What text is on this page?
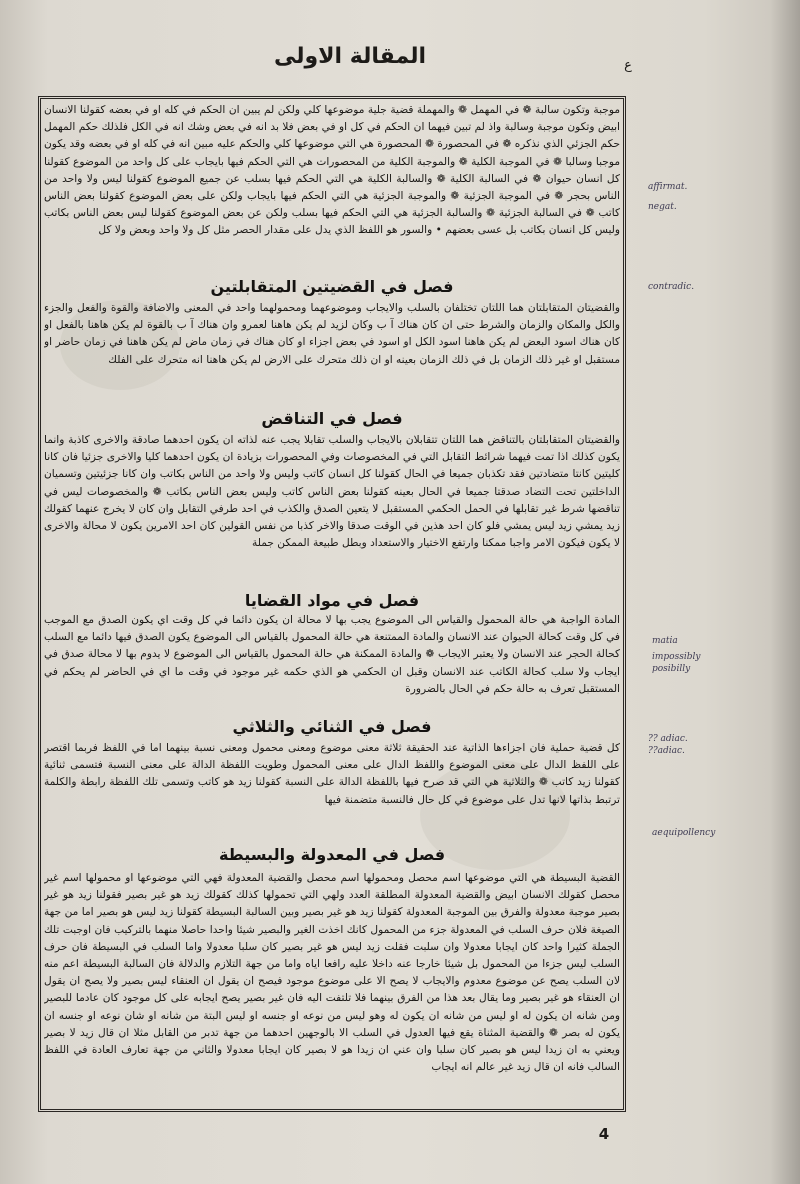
المقالة الاولى	ع
موجبة وتكون سالبة ❁ في المهمل ❁ والمهملة قضية جلية موضوعها كلي ولكن لم يبين ان الحكم في كله او في بعضه كقولنا الانسان ابيض وتكون موجبة وسالبة واذ لم تبين فيهما ان الحكم في كل او في بعض فلا بد انه في بعض وشك انه في الكل فلذلك حكم المهمل حكم الجزئي الذي نذكره ❁ في المحصورة ❁ المحصورة هي التي موضوعها كلي والحكم عليه مبين انه في كله او في بعضه وقد يكون موجبا وسالبا ❁ في الموجبة الكلية ❁ والموجبة الكلية من المحصورات هي التي الحكم فيها بايجاب على كل واحد من الموضوع كقولنا كل انسان حيوان ❁ في السالبة الكلية ❁ والسالبة الكلية هي التي الحكم فيها بسلب عن جميع الموضوع كقولنا ليس ولا واحد من الناس بحجر ❁ في الموجبة الجزئية ❁ والموجبة الجزئية هي التي الحكم فيها بايجاب ولكن على بعض الموضوع كقولنا بعض الناس كاتب ❁ في السالبة الجزئية ❁ والسالبة الجزئية هي التي الحكم فيها بسلب ولكن عن بعض الموضوع كقولنا ليس بعض الناس بكاتب وليس كل انسان بكاتب بل عسى بعضهم • والسور هو اللفظ الذي يدل على مقدار الحصر مثل كل ولا واحد وبعض ولا كل
فصل في القضيتين المتقابلتين
والقضيتان المتقابلتان هما اللتان تختلفان بالسلب والايجاب وموضوعهما ومحمولهما واحد في المعنى والاضافة والقوة والفعل والجزء والكل والمكان والزمان والشرط حتى ان كان هناك آ ب وكان لزيد لم يكن هاهنا لعمرو وان هناك آ ب بالقوة لم يكن هاهنا بالفعل او كان هناك اسود البعض لم يكن هاهنا اسود الكل او اسود في بعض اجزاء او كان هناك في زمان ماض لم يكن هاهنا في زمان حاضر او مستقبل او غير ذلك الزمان بل في ذلك الزمان بعينه او ان ذلك متحرك على الارض لم يكن هاهنا انه متحرك على الفلك
فصل في التناقض
والقضيتان المتقابلتان بالتناقض هما اللتان تتقابلان بالايجاب والسلب تقابلا يجب عنه لذاته ان يكون احدهما صادقة والاخرى كاذبة وانما يكون كذلك اذا تمت فيهما شرائط التقابل التي في المخصوصات وفي المحصورات بزيادة ان يكون احدهما كليا والاخرى جزئيا فان كانا كليتين كانتا متضادتين فقد تكذبان جميعا في الحال كقولنا كل انسان كاتب وليس ولا واحد من الناس بكاتب وان كانا جزئيتين وتسميان الداخلتين تحت التضاد صدقتا جميعا في الحال بعينه كقولنا بعض الناس كاتب وليس بعض الناس بكاتب ❁ والمخصوصات ليس في تناقضها شرط غير تقابلها في الحمل الحكمي المستقبل لا يتعين الصدق والكذب في احد طرفي التقابل وان كان لا يخرج عنهما كقولك زيد يمشي زيد ليس يمشي فلو كان احد هذين في الوقت صدقا والاخر كذبا من نفس القولين كان احد الامرين يكون لا محالة والاخرى لا يكون فيكون الامر واجبا ممكنا وارتفع الاختيار والاستعداد وبطل طبيعة الممكن جملة
فصل في مواد القضايا
المادة الواجبة هي حالة المحمول والقياس الى الموضوع يجب بها لا محالة ان يكون دائما في كل وقت اي يكون الصدق مع الموجب في كل وقت كحالة الحيوان عند الانسان والمادة الممتنعة هي حالة المحمول بالقياس الى الموضوع يكون الصدق فيها دائما مع السلب كحالة الحجر عند الانسان ولا يعتبر الايجاب ❁ والمادة الممكنة هي حالة المحمول بالقياس الى الموضوع لا يدوم بها لا محالة صدق في ايجاب ولا سلب كحالة الكاتب عند الانسان وقبل ان الحكمي هو الذي حكمه غير موجود في وقت ما اي في الحاضر لم يحكم في المستقبل تعرف به حالة حكم في الحال بالضرورة
فصل في الثنائي والثلاثي
كل قضية حملية فان اجزاءها الذاتية عند الحقيقة ثلاثة معنى موضوع ومعنى محمول ومعنى نسبة بينهما اما في اللفظ فربما اقتصر على اللفظ الدال على معنى الموضوع واللفظ الدال على معنى المحمول وطويت اللفظة الدالة على معنى النسبة فتسمى ثنائية كقولنا زيد كاتب ❁ والثلاثية هي التي قد صرح فيها باللفظة الدالة على النسبة كقولنا زيد هو كاتب وتسمى تلك اللفظة رابطة والكلمة ترتبط بذاتها لانها تدل على موضوع في كل حال فالنسبة متضمنة فيها
فصل في المعدولة والبسيطة
القضية البسيطة هي التي موضوعها اسم محصل ومحمولها اسم محصل والقضية المعدولة فهي التي موضوعها او محمولها اسم غير محصل كقولك الانسان ابيض والقضية المعدولة المطلقة العدد ولهي التي تحمولها كذلك كقولك زيد هو غير بصير فقولنا زيد هو غير بصير موجبة معدولة والفرق بين الموجبة المعدولة كقولنا زيد هو غير بصير وبين السالبة البسيطة كقولنا زيد ليس هو بصير اما من جهة الصيغة فلان حرف السلب في المعدولة جزء من المحمول كانك اخذت الغير والبصير شيئا واحدا حاصلا منهما بالتركيب فان اوجبت تلك الجملة كثيرا واحد كان ايجابا معدولا وان سلبت فقلت زيد ليس هو غير بصير كان سلبا معدولا واما السلب في البسيطة فان حرف السلب ليس جزءا من المحمول بل شيئا خارجا عنه داخلا عليه رافعا اياه واما من جهة التلازم والدلالة فان السالبة البسيطة اعم منه لان السلب يصح عن موضوع معدوم والايجاب لا يصح الا على موضوع موجود فيصح ان يقول ان العنقاء ليس بصير ولا يصح ان يقول ان العنقاء هو غير بصير وما يقال بعد هذا من الفرق بينهما فلا تلتفت اليه فان غير بصير يصح ايجابه على كل موجود كان عادما للبصير ومن شانه ان يكون له او ليس من شانه ان يكون له وهو ليس من نوعه او جنسه او ليس البتة من شانه او شان نوعه او جنسه ان يكون له بصر ❁ والقضية المثناة يقع فيها العدول في السلب الا بالوجهين احدهما من جهة تدبر من القابل مثلا ان قال زيد لا بصير ويعني به ان زيدا ليس هو بصير كان سلبا وان عني ان زيدا هو لا بصير كان ايجابا معدولا والثاني من جهة تعارف العادة في اللفظ السالب فانه ان قال زيد غير عالم انه ايجاب
affirmat.
negat.
contradic.
matia
impossibly
posibilly
?? adiac.
??adiac.
aequipollency
4
